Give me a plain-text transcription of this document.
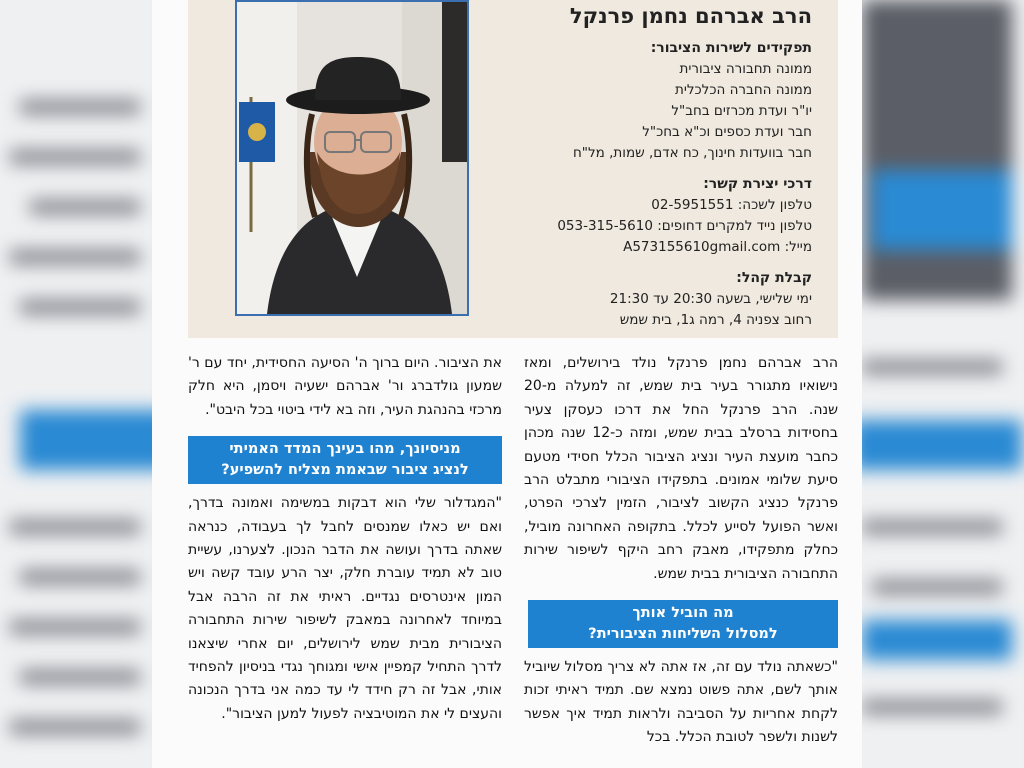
הרב אברהם נחמן פרנקל
תפקידים לשירות הציבור:
ממונה תחבורה ציבורית
ממונה החברה הכלכלית
יו"ר ועדת מכרזים בחב"ל
חבר ועדת כספים וכ"א בחכ"ל
חבר בוועדות חינוך, כח אדם, שמות, מל"ח
דרכי יצירת קשר:
טלפון לשכה: 02-5951551
טלפון נייד למקרים דחופים: 053-315-5610
מייל: A573155610gmail.com
קבלת קהל:
ימי שלישי, בשעה 20:30 עד 21:30
רחוב צפניה 4, רמה ג1, בית שמש

הרב אברהם נחמן פרנקל נולד בירושלים, ומאז נישואיו מתגורר בעיר בית שמש, זה למעלה מ-20 שנה. הרב פרנקל החל את דרכו כעסקן צעיר בחסידות ברסלב בבית שמש, ומזה כ-12 שנה מכהן כחבר מועצת העיר ונציג הציבור הכלל חסידי מטעם סיעת שלומי אמונים. בתפקידו הציבורי מתבלט הרב פרנקל כנציג הקשוב לציבור, הזמין לצרכי הפרט, ואשר הפועל לסייע לכלל. בתקופה האחרונה מוביל, כחלק מתפקידו, מאבק רחב היקף לשיפור שירות התחבורה הציבורית בבית שמש.

מה הוביל אותך
למסלול השליחות הציבורית?

"כשאתה נולד עם זה, אז אתה לא צריך מסלול שיוביל אותך לשם, אתה פשוט נמצא שם. תמיד ראיתי זכות לקחת אחריות על הסביבה ולראות תמיד איך אפשר לשנות ולשפר לטובת הכלל. בכל

את הציבור. היום ברוך ה' הסיעה החסידית, יחד עם ר' שמעון גולדברג ור' אברהם ישעיה ויסמן, היא חלק מרכזי בהנהגת העיר, וזה בא לידי ביטוי בכל היבט".

מניסיונך, מהו בעינך המדד האמיתי
לנציג ציבור שבאמת מצליח להשפיע?

"המגדלור שלי הוא דבקות במשימה ואמונה בדרך, ואם יש כאלו שמנסים לחבל לך בעבודה, כנראה שאתה בדרך ועושה את הדבר הנכון. לצערנו, עשיית טוב לא תמיד עוברת חלק, יצר הרע עובד קשה ויש המון אינטרסים נגדיים. ראיתי את זה הרבה אבל במיוחד לאחרונה במאבק לשיפור שירות התחבורה הציבורית מבית שמש לירושלים, יום אחרי שיצאנו לדרך התחיל קמפיין אישי ומגוחך נגדי בניסיון להפחיד אותי, אבל זה רק חידד לי עד כמה אני בדרך הנכונה והעצים לי את המוטיבציה לפעול למען הציבור".
